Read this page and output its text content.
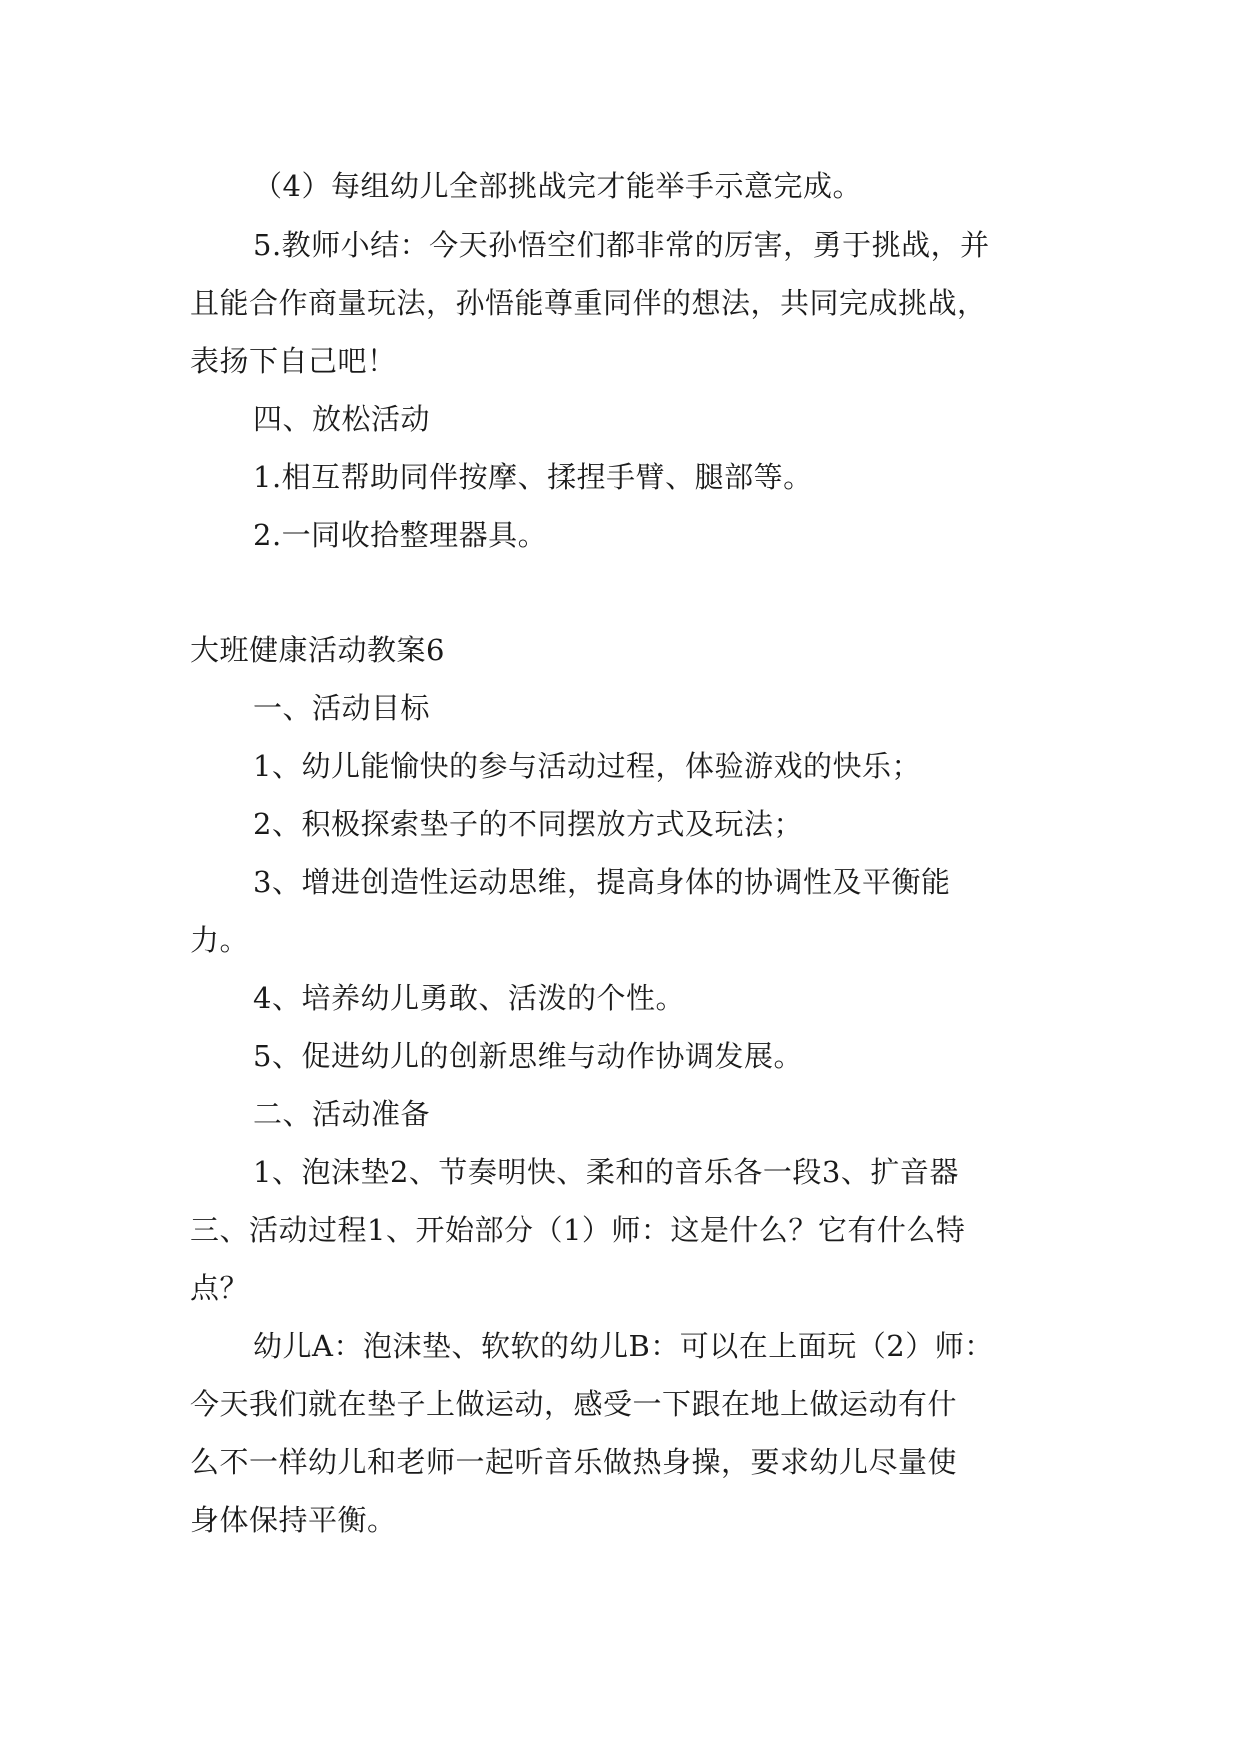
（4）每组幼儿全部挑战完才能举手示意完成。
5.教师小结：今天孙悟空们都非常的厉害，勇于挑战，并
且能合作商量玩法，孙悟能尊重同伴的想法，共同完成挑战，
表扬下自己吧！
四、放松活动
1.相互帮助同伴按摩、揉捏手臂、腿部等。
2.一同收拾整理器具。
大班健康活动教案6
一、活动目标
1、幼儿能愉快的参与活动过程，体验游戏的快乐；
2、积极探索垫子的不同摆放方式及玩法；
3、增进创造性运动思维，提高身体的协调性及平衡能
力。
4、培养幼儿勇敢、活泼的个性。
5、促进幼儿的创新思维与动作协调发展。
二、活动准备
1、泡沫垫2、节奏明快、柔和的音乐各一段3、扩音器
三、活动过程1、开始部分（1）师：这是什么？它有什么特
点？
幼儿A：泡沫垫、软软的幼儿B：可以在上面玩（2）师：
今天我们就在垫子上做运动，感受一下跟在地上做运动有什
么不一样幼儿和老师一起听音乐做热身操，要求幼儿尽量使
身体保持平衡。
